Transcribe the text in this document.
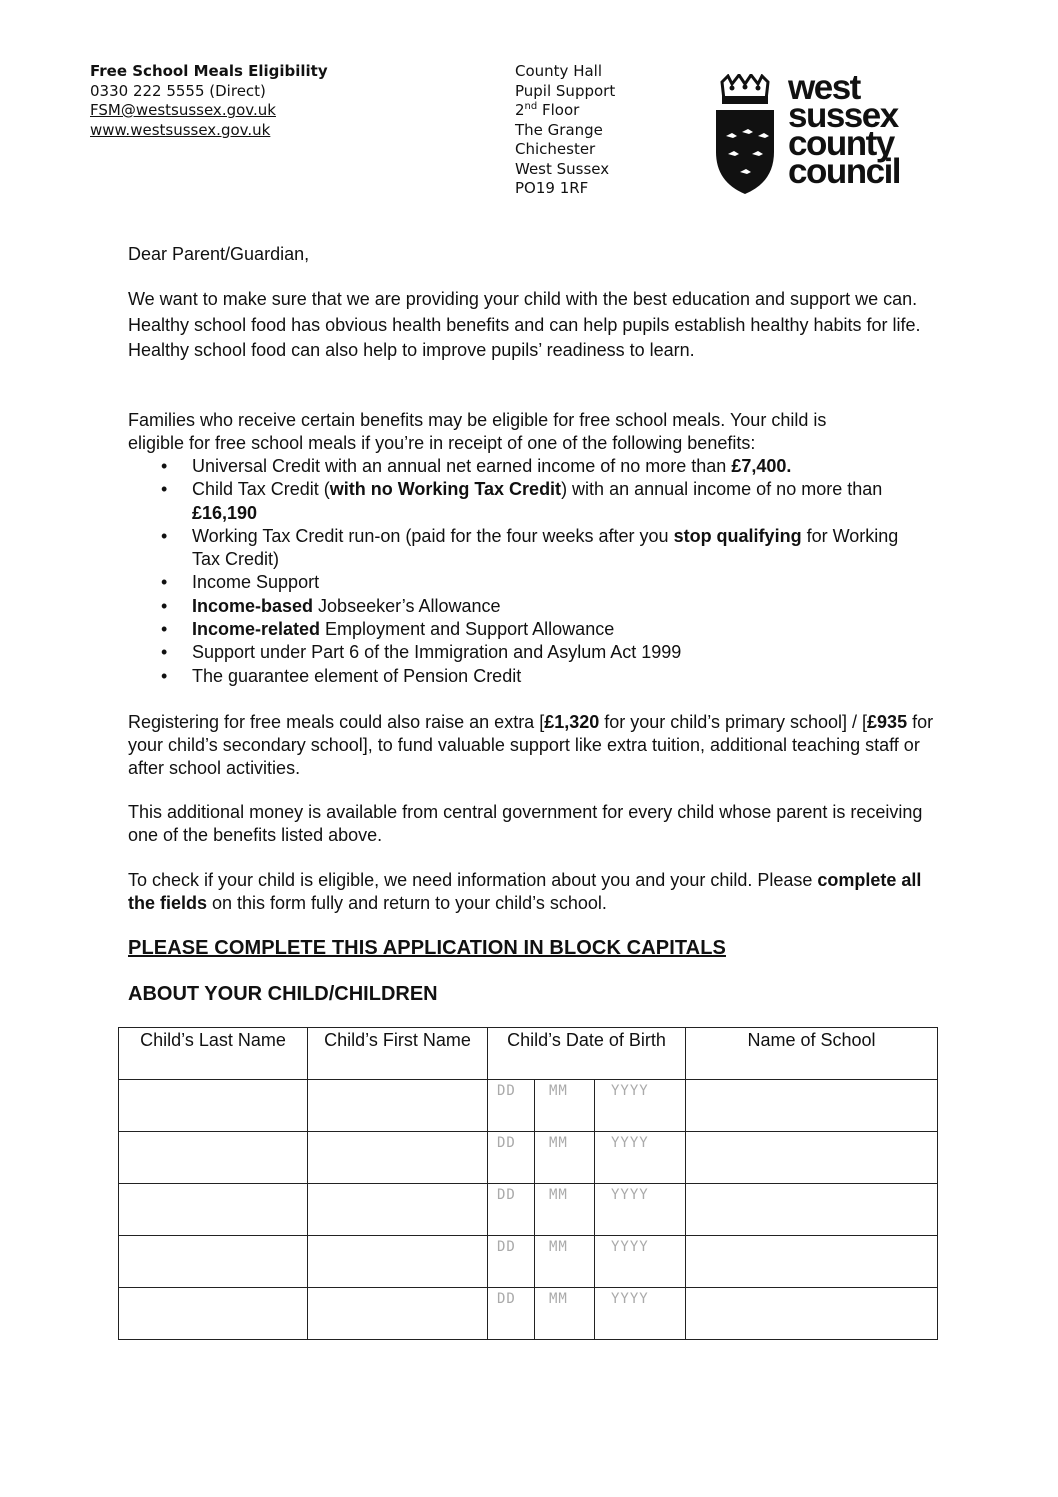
Free School Meals Eligibility
0330 222 5555 (Direct)
FSM@westsussex.gov.uk
www.westsussex.gov.uk
County Hall
Pupil Support
2nd Floor
The Grange
Chichester
West Sussex
PO19 1RF
west
sussex
county
council
Dear Parent/Guardian,

We want to make sure that we are providing your child with the best education and support we can. Healthy school food has obvious health benefits and can help pupils establish healthy habits for life. Healthy school food can also help to improve pupils’ readiness to learn.

Families who receive certain benefits may be eligible for free school meals. Your child is
eligible for free school meals if you’re in receipt of one of the following benefits:
• Universal Credit with an annual net earned income of no more than £7,400.
• Child Tax Credit (with no Working Tax Credit) with an annual income of no more than £16,190
• Working Tax Credit run-on (paid for the four weeks after you stop qualifying for Working Tax Credit)
• Income Support
• Income-based Jobseeker’s Allowance
• Income-related Employment and Support Allowance
• Support under Part 6 of the Immigration and Asylum Act 1999
• The guarantee element of Pension Credit

Registering for free meals could also raise an extra [£1,320 for your child’s primary school] / [£935 for your child’s secondary school], to fund valuable support like extra tuition, additional teaching staff or after school activities.

This additional money is available from central government for every child whose parent is receiving one of the benefits listed above.

To check if your child is eligible, we need information about you and your child. Please complete all the fields on this form fully and return to your child’s school.

PLEASE COMPLETE THIS APPLICATION IN BLOCK CAPITALS
ABOUT YOUR CHILD/CHILDREN
Child’s Last Name	Child’s First Name	Child’s Date of Birth	Name of School

		DD MM YYYY	

		DD MM YYYY	

		DD MM YYYY	

		DD MM YYYY	

		DD MM YYYY	
